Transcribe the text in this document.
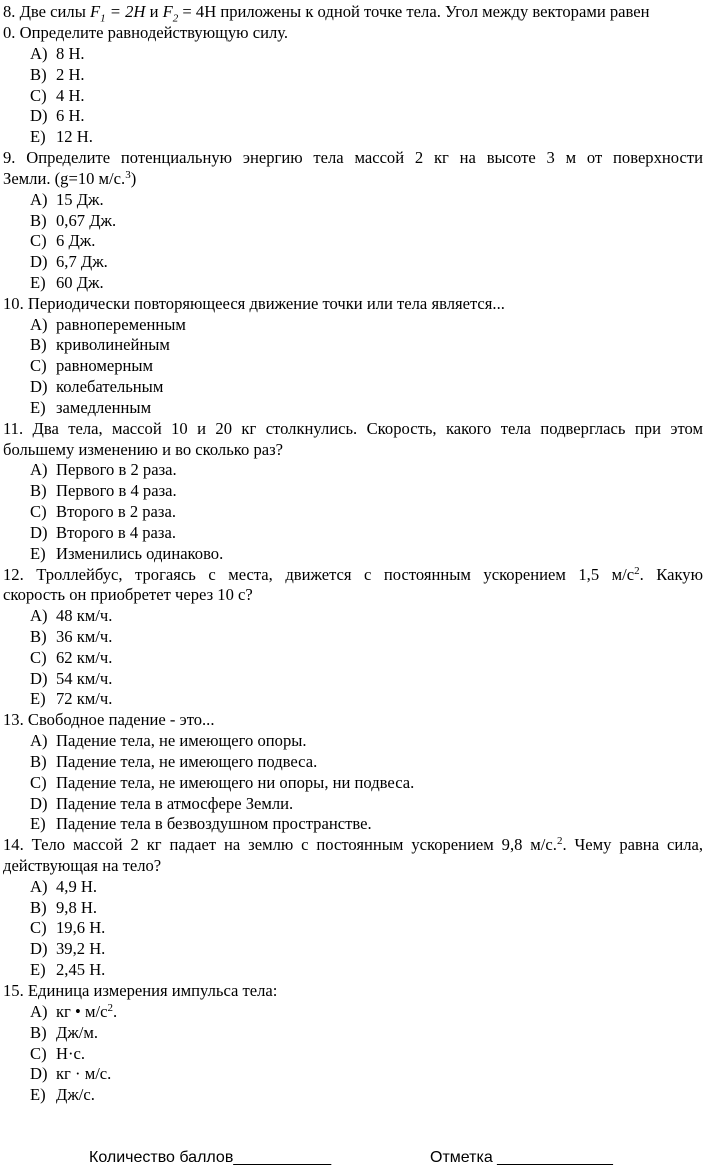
8. Две силы $F_1 = 2H$ и $F_2 = 4Н$ приложены к одной точке тела. Угол между векторами равен
0. Определите равнодействующую силу.
A) 8 Н.
B) 2 Н.
C) 4 Н.
D) 6 Н.
E) 12 Н.
9. Определите потенциальную энергию тела массой 2 кг на высоте 3 м от поверхности
Земли. (g=10 м/с.$^3$)
A) 15 Дж.
B) 0,67 Дж.
C) 6 Дж.
D) 6,7 Дж.
E) 60 Дж.
10. Периодически повторяющееся движение точки или тела является...
A) равнопеременным
B) криволинейным
C) равномерным
D) колебательным
E) замедленным
11. Два тела, массой 10 и 20 кг столкнулись. Скорость, какого тела подверглась при этом
большему изменению и во сколько раз?
A) Первого в 2 раза.
B) Первого в 4 раза.
C) Второго в 2 раза.
D) Второго в 4 раза.
E) Изменились одинаково.
12. Троллейбус, трогаясь с места, движется с постоянным ускорением 1,5 $м/с^2$. Какую
скорость он приобретет через 10 с?
A) 48 км/ч.
B) 36 км/ч.
C) 62 км/ч.
D) 54 км/ч.
E) 72 км/ч.
13. Свободное падение - это...
A) Падение тела, не имеющего опоры.
B) Падение тела, не имеющего подвеса.
C) Падение тела, не имеющего ни опоры, ни подвеса.
D) Падение тела в атмосфере Земли.
E) Падение тела в безвоздушном пространстве.
14. Тело массой 2 кг падает на землю с постоянным ускорением 9,8 м/с.$^2$. Чему равна сила,
действующая на тело?
A) 4,9 Н.
B) 9,8 Н.
C) 19,6 Н.
D) 39,2 Н.
E) 2,45 Н.
15. Единица измерения импульса тела:
A) кг • $м/с^2$.
B) Дж/м.
C) Н·с.
D) кг · м/с.
E) Дж/с.
Количество баллов___________	Отметка _____________
